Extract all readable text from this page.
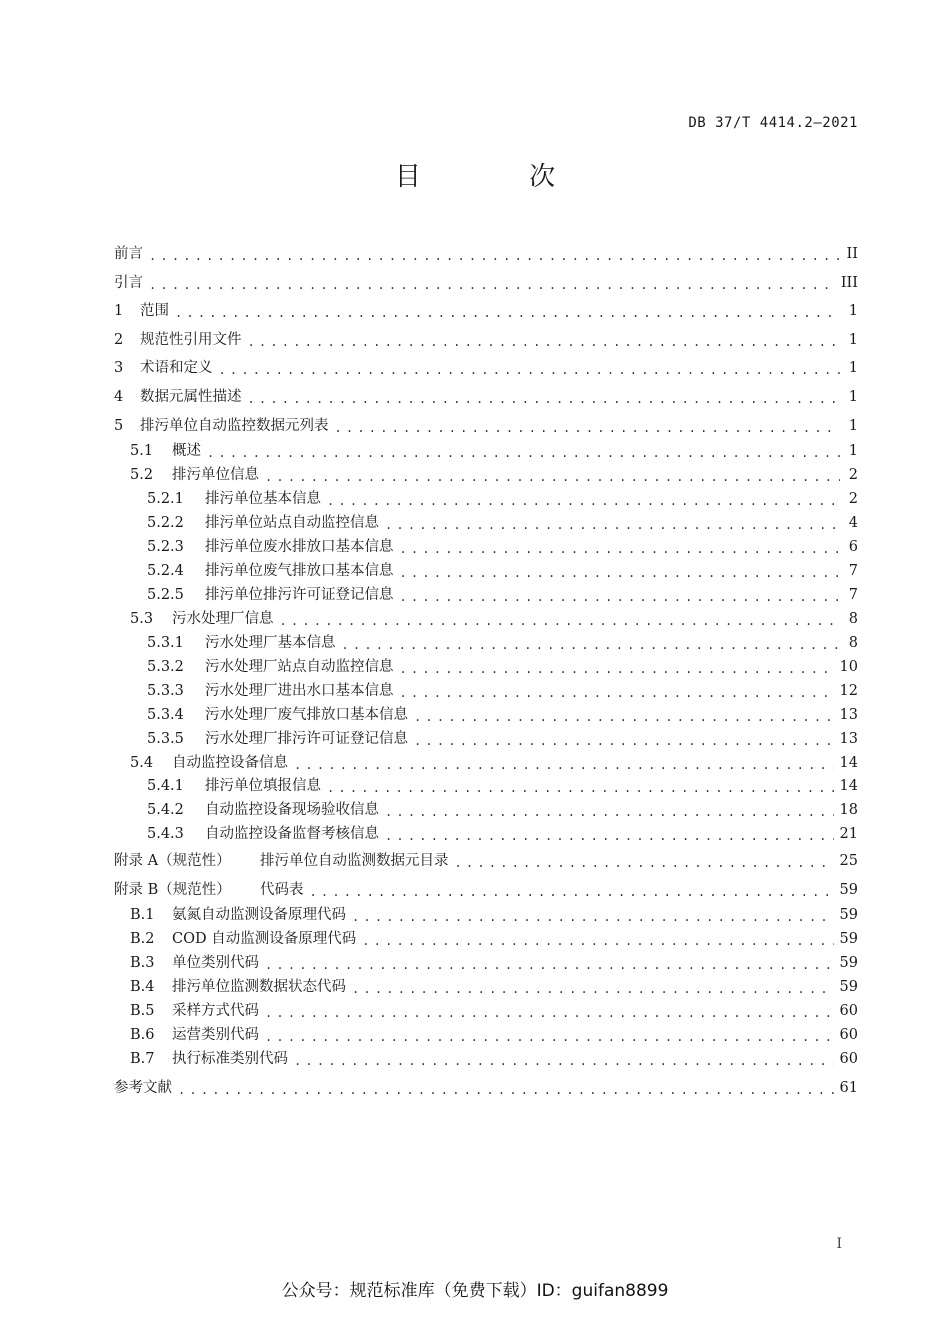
DB 37/T 4414.2—2021
目 次
前言 .....	II
引言 .....	III
1	范围 .....	1
2	规范性引用文件 .....	1
3	术语和定义 .....	1
4	数据元属性描述 .....	1
5	排污单位自动监控数据元列表 .....	1
5.1	概述 .....	1
5.2	排污单位信息 .....	2
5.2.1	排污单位基本信息 .....	2
5.2.2	排污单位站点自动监控信息 .....	4
5.2.3	排污单位废水排放口基本信息 .....	6
5.2.4	排污单位废气排放口基本信息 .....	7
5.2.5	排污单位排污许可证登记信息 .....	7
5.3	污水处理厂信息 .....	8
5.3.1	污水处理厂基本信息 .....	8
5.3.2	污水处理厂站点自动监控信息 .....	10
5.3.3	污水处理厂进出水口基本信息 .....	12
5.3.4	污水处理厂废气排放口基本信息 .....	13
5.3.5	污水处理厂排污许可证登记信息 .....	13
5.4	自动监控设备信息 .....	14
5.4.1	排污单位填报信息 .....	14
5.4.2	自动监控设备现场验收信息 .....	18
5.4.3	自动监控设备监督考核信息 .....	21
附录 A（规范性）	排污单位自动监测数据元目录 .....	25
附录 B（规范性）	代码表 .....	59
B.1	氨氮自动监测设备原理代码 .....	59
B.2	COD 自动监测设备原理代码 .....	59
B.3	单位类别代码 .....	59
B.4	排污单位监测数据状态代码 .....	59
B.5	采样方式代码 .....	60
B.6	运营类别代码 .....	60
B.7	执行标准类别代码 .....	60
参考文献 .....	61
I
公众号：规范标准库（免费下载）ID：guifan8899
